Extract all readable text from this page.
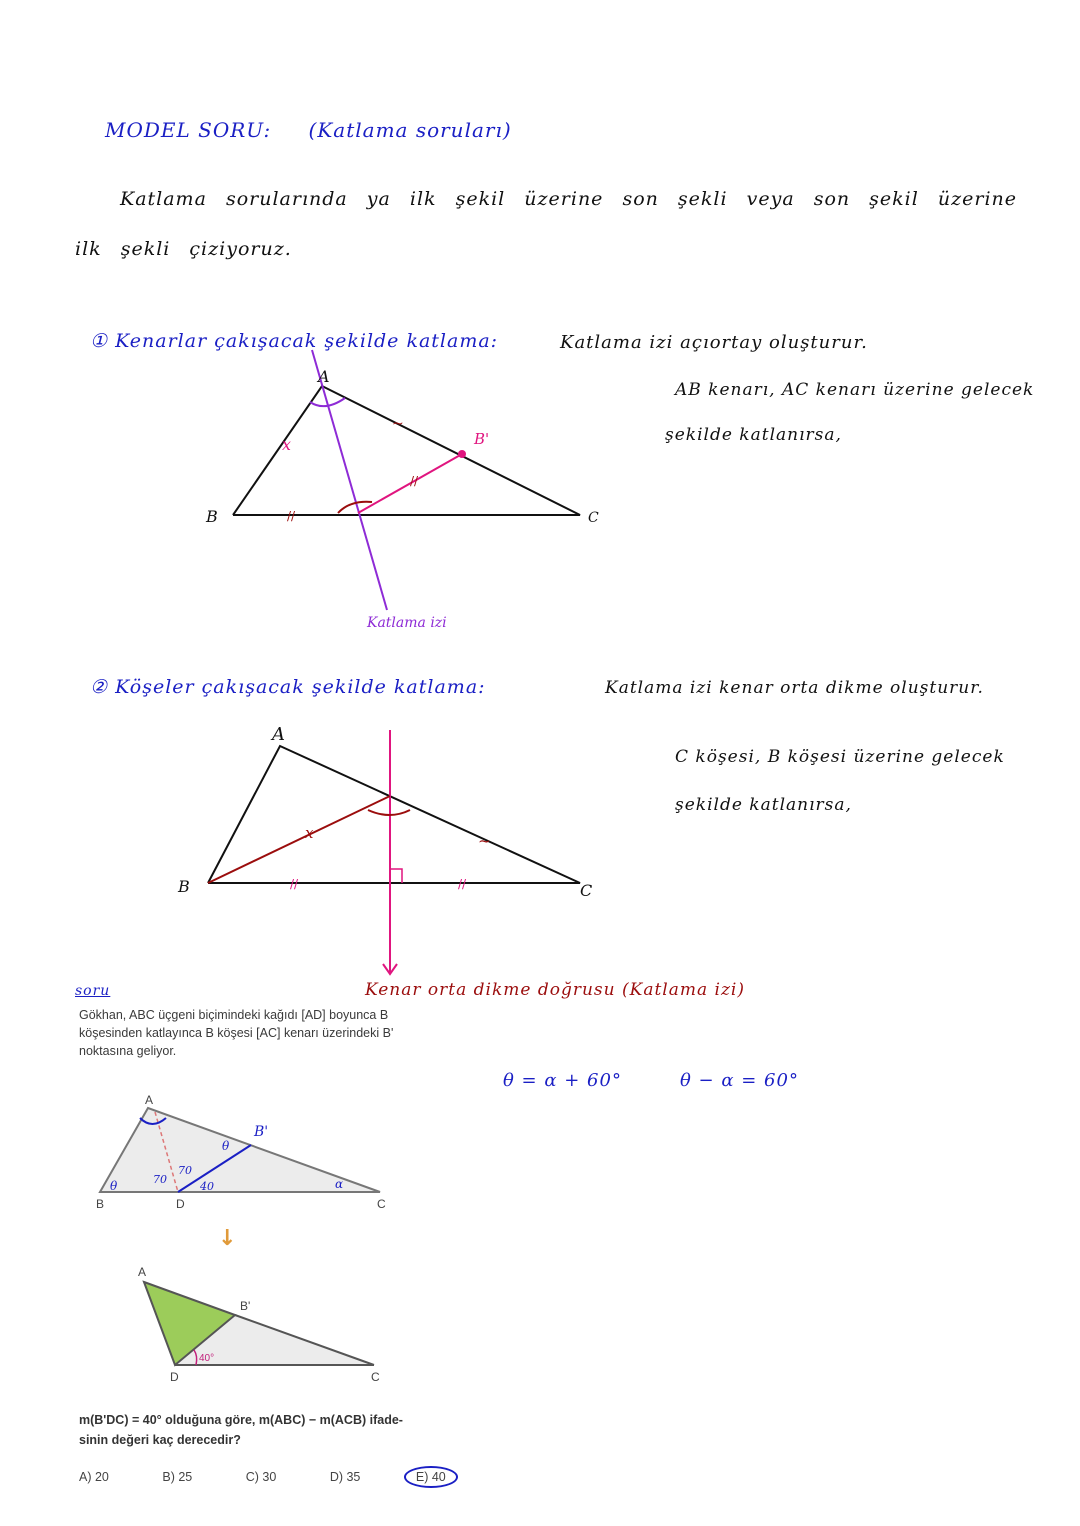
MODEL SORU: (Katlama soruları)
Katlama sorularında ya ilk şekil üzerine son şekli veya son şekil üzerine
ilk şekli çiziyoruz.
① Kenarlar çakışacak şekilde katlama:	Katlama izi açıortay oluşturur.
AB kenarı, AC kenarı üzerine gelecek
şekilde katlanırsa,
x
~
//
//
A
B	C
B'
Katlama izi
② Köşeler çakışacak şekilde katlama:	Katlama izi kenar orta dikme oluşturur.
C köşesi, B köşesi üzerine gelecek
şekilde katlanırsa,
//	//
x	~
A
B	C
Kenar orta dikme doğrusu (Katlama izi)
soru
Gökhan, ABC üçgeni biçimindeki kağıdı [AD] boyunca B
köşesinden katlayınca B köşesi [AC] kenarı üzerindeki B'
noktasına geliyor.
θ	70
70
40
θ
B'
α
A
B	D	C
↓
40°
A
B'
D	C
m(B'DC) = 40° olduğuna göre, m(ABC) − m(ACB) ifade-
sinin değeri kaç derecedir?
A) 20	B) 25	C) 30	D) 35	E) 40
θ = α + 60°	θ − α = 60°
